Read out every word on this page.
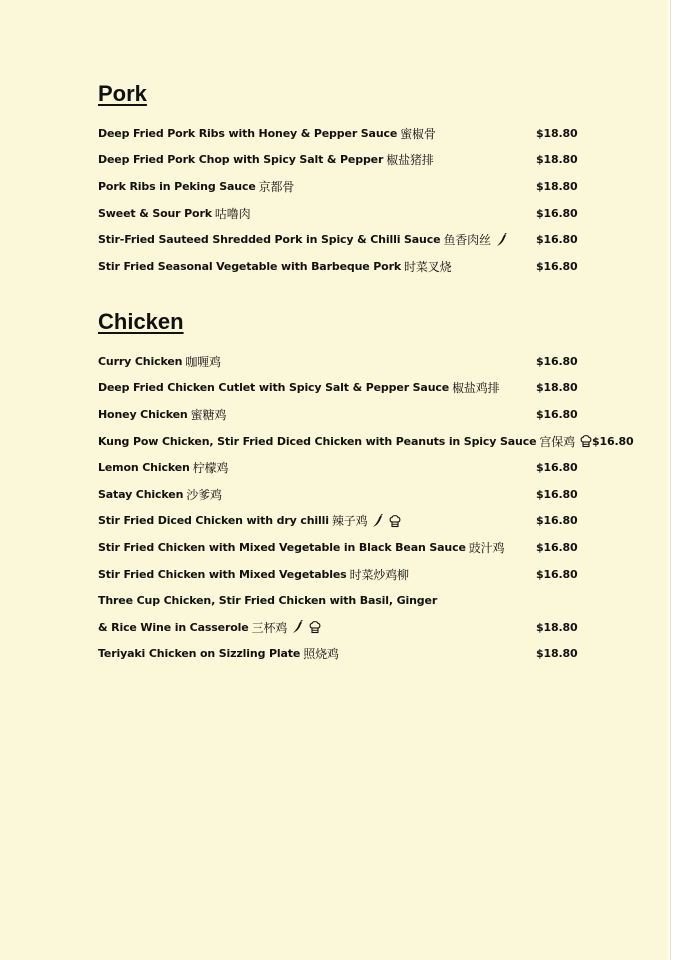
Pork
Deep Fried Pork Ribs with Honey & Pepper Sauce 蜜椒骨	$18.80
Deep Fried Pork Chop with Spicy Salt & Pepper 椒盐猪排	$18.80
Pork Ribs in Peking Sauce 京都骨	$18.80
Sweet & Sour Pork 咕噜肉	$16.80
Stir-Fried Sauteed Shredded Pork in Spicy & Chilli Sauce 鱼香肉丝	$16.80
Stir Fried Seasonal Vegetable with Barbeque Pork 时菜叉烧	$16.80
Chicken
Curry Chicken 咖喱鸡	$16.80
Deep Fried Chicken Cutlet with Spicy Salt & Pepper Sauce 椒盐鸡排	$18.80
Honey Chicken 蜜糖鸡	$16.80
Kung Pow Chicken, Stir Fried Diced Chicken with Peanuts in Spicy Sauce 宫保鸡 $16.80
Lemon Chicken 柠檬鸡	$16.80
Satay Chicken 沙爹鸡	$16.80
Stir Fried Diced Chicken with dry chilli 辣子鸡	$16.80
Stir Fried Chicken with Mixed Vegetable in Black Bean Sauce 豉汁鸡	$16.80
Stir Fried Chicken with Mixed Vegetables 时菜炒鸡柳	$16.80
Three Cup Chicken, Stir Fried Chicken with Basil, Ginger
& Rice Wine in Casserole 三杯鸡	$18.80
Teriyaki Chicken on Sizzling Plate 照烧鸡	$18.80
